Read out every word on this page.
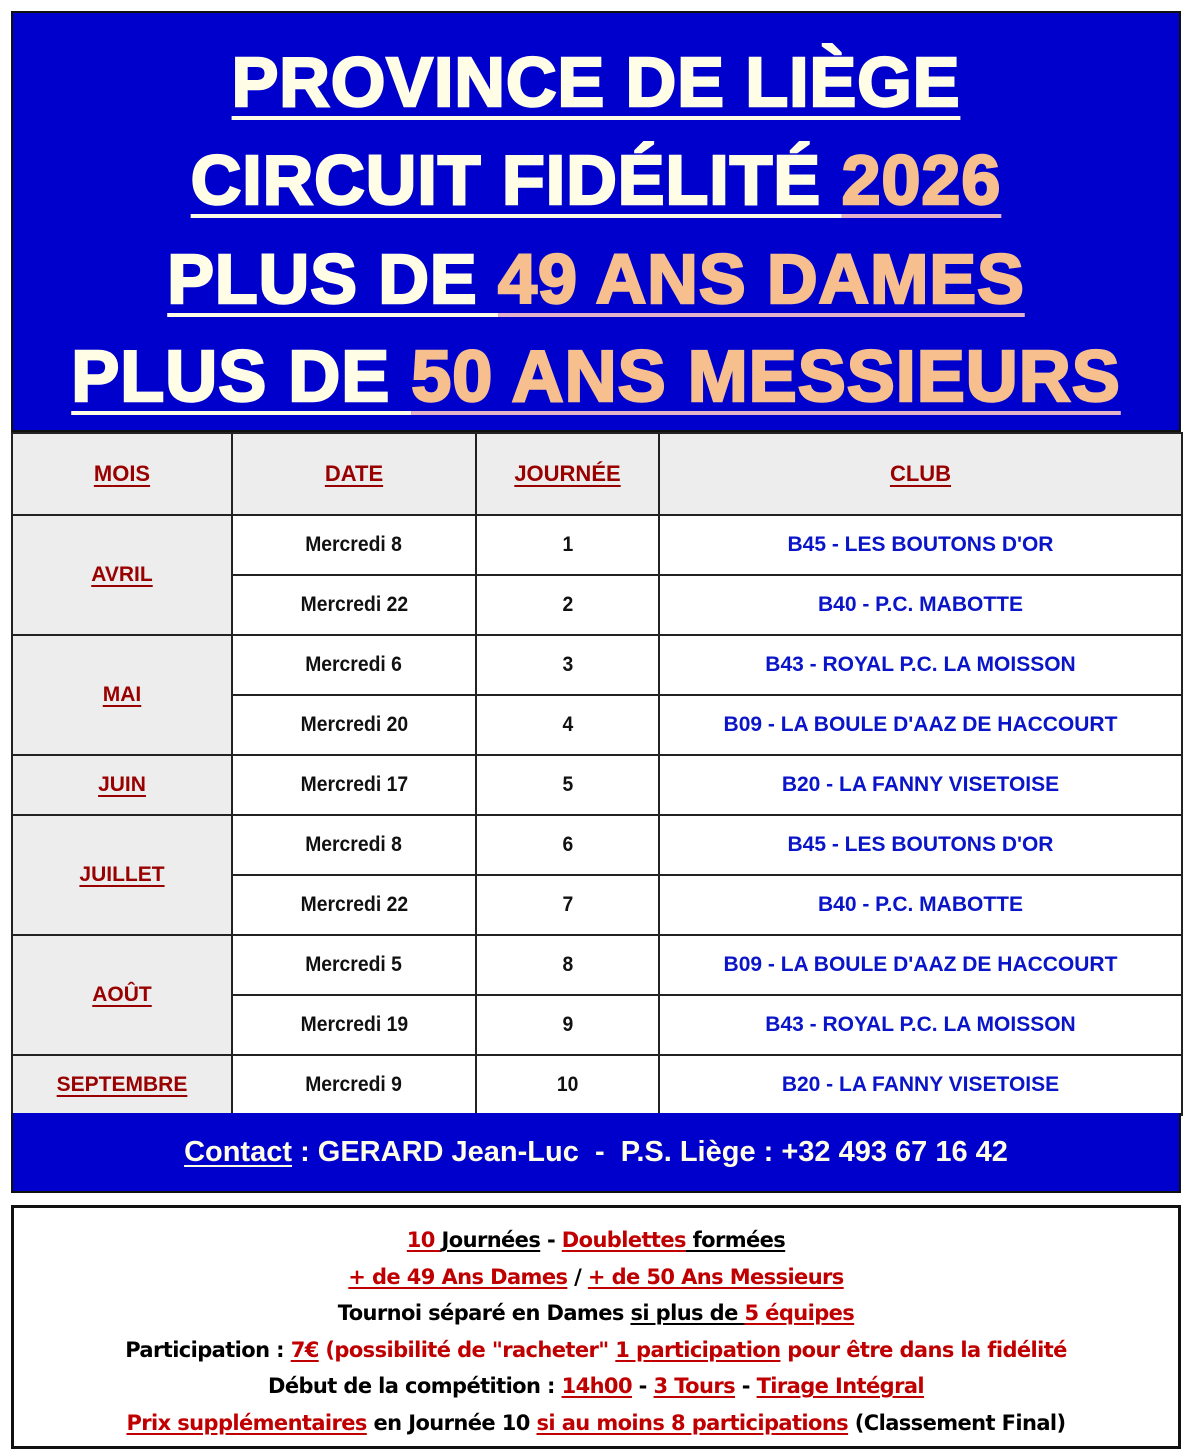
PROVINCE DE LIÈGE
CIRCUIT FIDÉLITÉ 2026
PLUS DE 49 ANS DAMES
PLUS DE 50 ANS MESSIEURS
MOIS	DATE	JOURNÉE	CLUB
AVRIL	Mercredi 8	1	B45 - LES BOUTONS D'OR
	Mercredi 22	2	B40 - P.C. MABOTTE
MAI	Mercredi 6	3	B43 - ROYAL P.C. LA MOISSON
	Mercredi 20	4	B09 - LA BOULE D'AAZ DE HACCOURT
JUIN	Mercredi 17	5	B20 - LA FANNY VISETOISE
JUILLET	Mercredi 8	6	B45 - LES BOUTONS D'OR
	Mercredi 22	7	B40 - P.C. MABOTTE
AOÛT	Mercredi 5	8	B09 - LA BOULE D'AAZ DE HACCOURT
	Mercredi 19	9	B43 - ROYAL P.C. LA MOISSON
SEPTEMBRE	Mercredi 9	10	B20 - LA FANNY VISETOISE
Contact : GERARD Jean-Luc  -  P.S. Liège : +32 493 67 16 42
10 Journées - Doublettes formées
+ de 49 Ans Dames / + de 50 Ans Messieurs
Tournoi séparé en Dames si plus de 5 équipes
Participation : 7€ (possibilité de "racheter" 1 participation pour être dans la fidélité
Début de la compétition : 14h00 - 3 Tours - Tirage Intégral
Prix supplémentaires en Journée 10 si au moins 8 participations (Classement Final)
